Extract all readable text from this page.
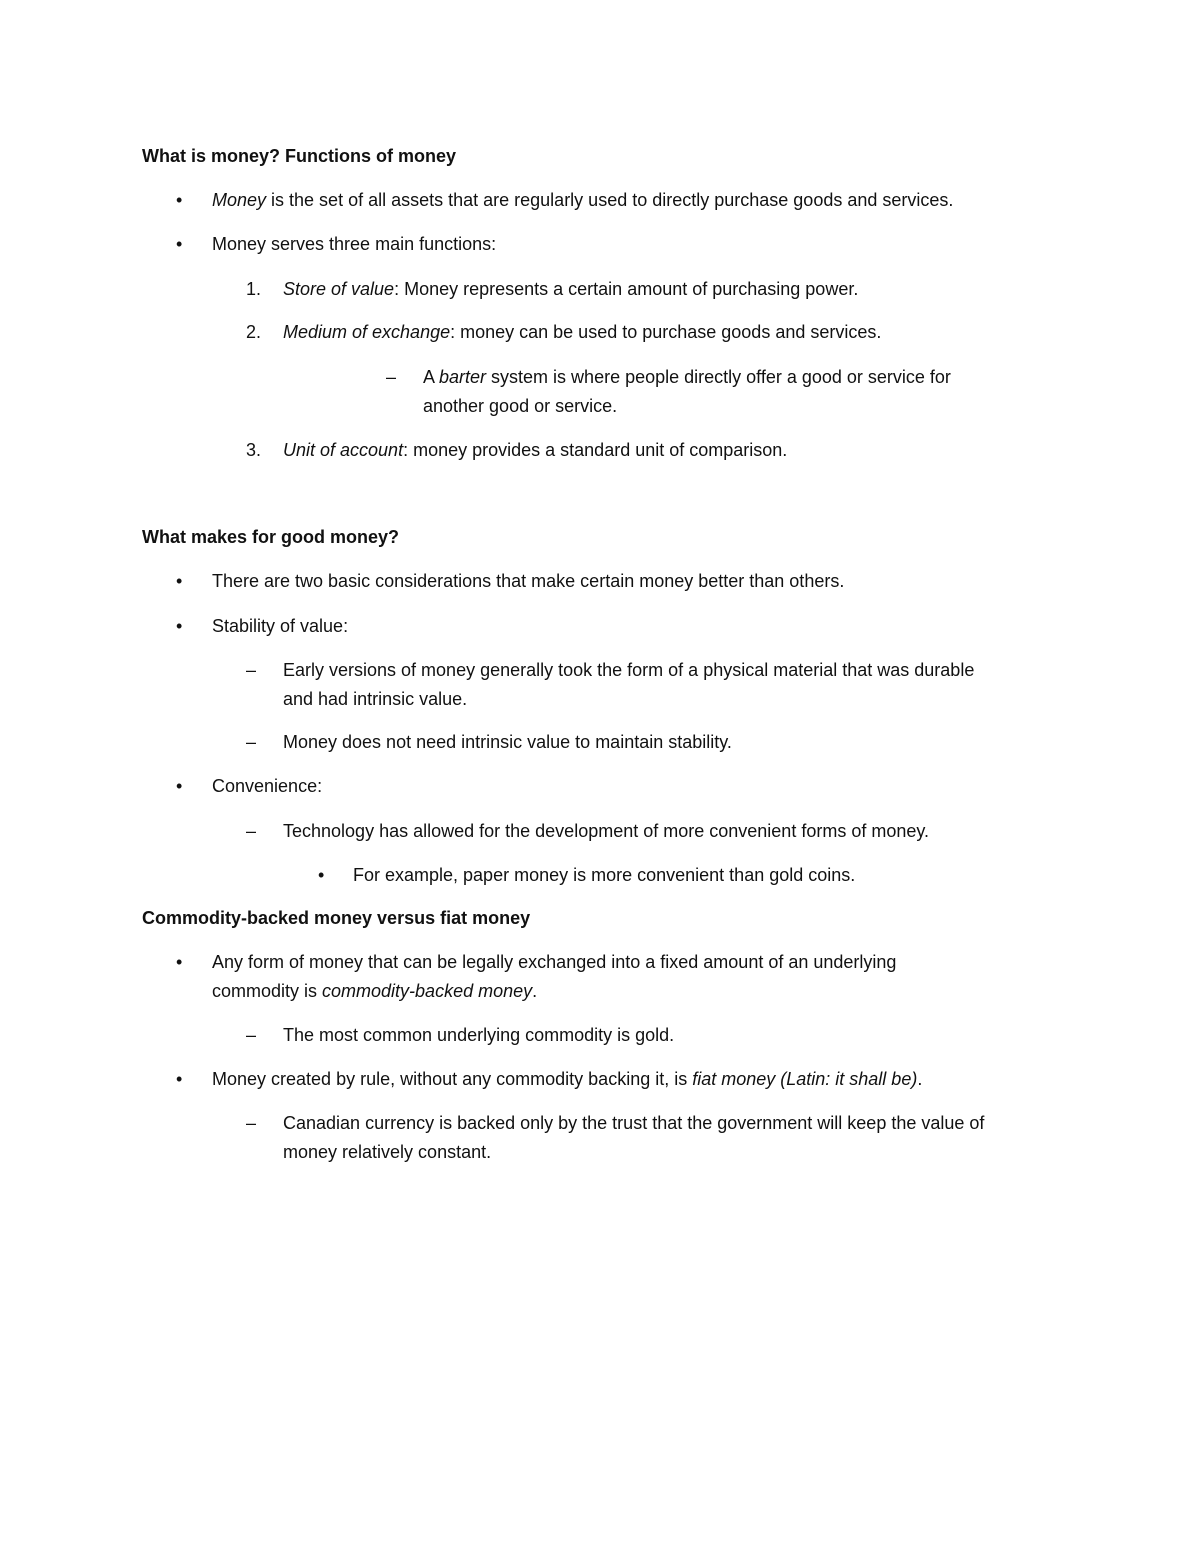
What is money? Functions of money
• Money is the set of all assets that are regularly used to directly purchase goods and services.
• Money serves three main functions:
1. Store of value: Money represents a certain amount of purchasing power.
2. Medium of exchange: money can be used to purchase goods and services.
– A barter system is where people directly offer a good or service for
another good or service.
3. Unit of account: money provides a standard unit of comparison.
What makes for good money?
• There are two basic considerations that make certain money better than others.
• Stability of value:
– Early versions of money generally took the form of a physical material that was durable
and had intrinsic value.
– Money does not need intrinsic value to maintain stability.
• Convenience:
– Technology has allowed for the development of more convenient forms of money.
• For example, paper money is more convenient than gold coins.
Commodity-backed money versus fiat money
• Any form of money that can be legally exchanged into a fixed amount of an underlying
commodity is commodity-backed money.
– The most common underlying commodity is gold.
• Money created by rule, without any commodity backing it, is fiat money (Latin: it shall be).
– Canadian currency is backed only by the trust that the government will keep the value of
money relatively constant.
